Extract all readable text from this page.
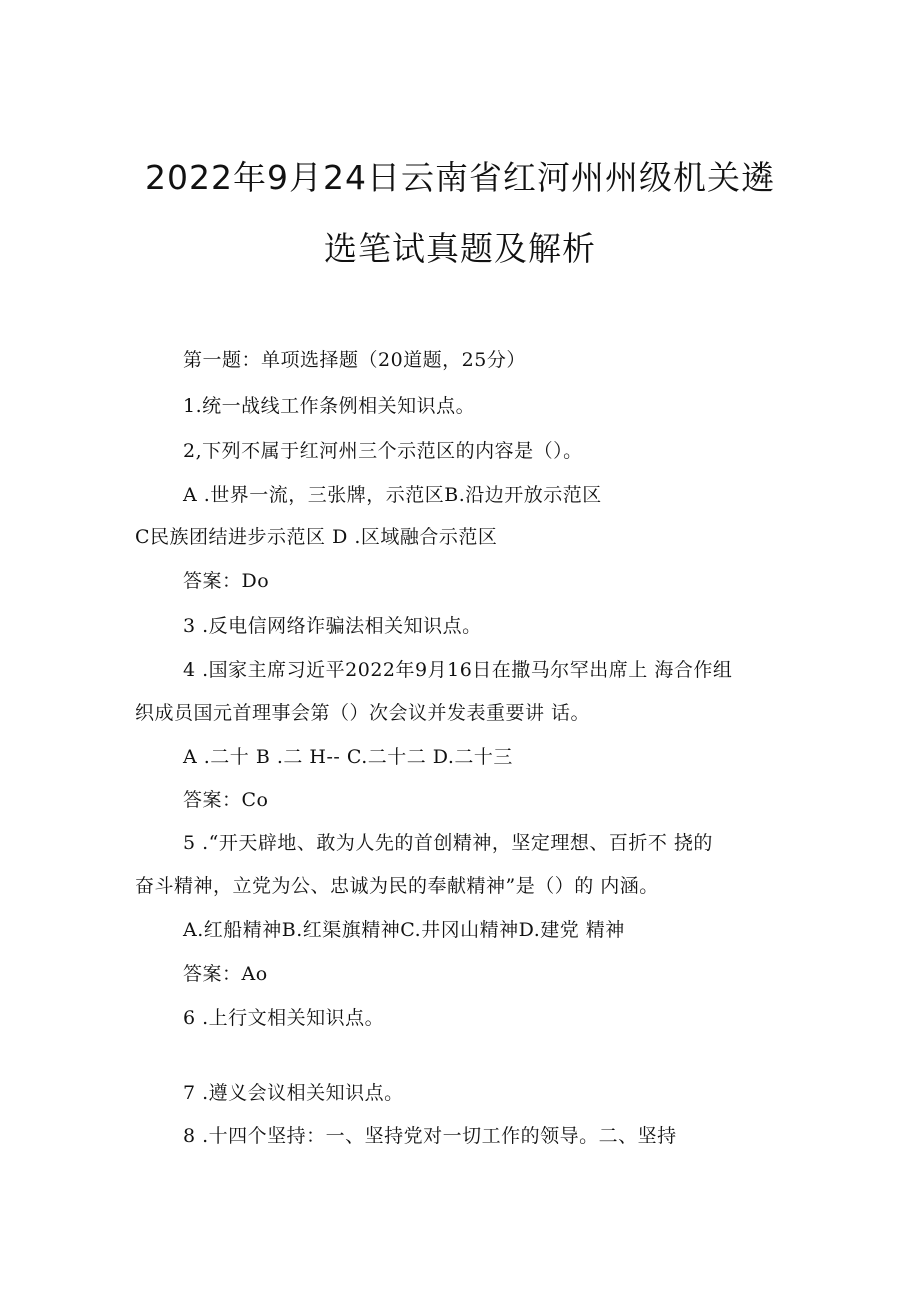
2022年9月24日云南省红河州州级机关遴
选笔试真题及解析
第一题：单项选择题（20道题，25分）
1.统一战线工作条例相关知识点。
2,下列不属于红河州三个示范区的内容是（）。
A .世界一流，三张牌，示范区B.沿边开放示范区
C民族团结进步示范区 D .区域融合示范区
答案：Do
3 .反电信网络诈骗法相关知识点。
4 .国家主席习近平2022年9月16日在撒马尔罕出席上 海合作组
织成员国元首理事会第（）次会议并发表重要讲 话。
A .二十 B .二 H-- C.二十二 D.二十三
答案：Co
5 .“开天辟地、敢为人先的首创精神，坚定理想、百折不 挠的
奋斗精神，立党为公、忠诚为民的奉献精神”是（）的 内涵。
A.红船精神B.红渠旗精神C.井冈山精神D.建党 精神
答案：Ao
6 .上行文相关知识点。
7 .遵义会议相关知识点。
8 .十四个坚持：一、坚持党对一切工作的领导。二、坚持
